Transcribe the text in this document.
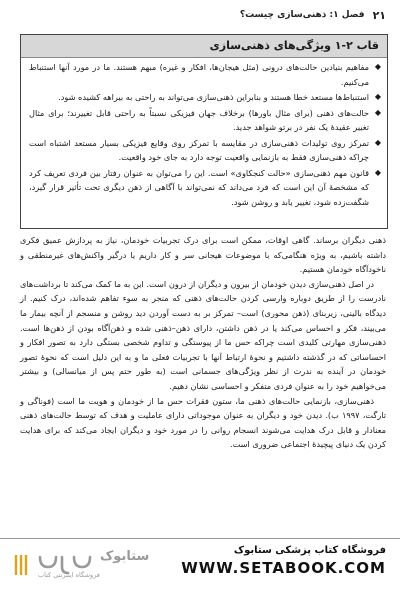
۲۱
فصل ۱: ذهنی‌سازی چیست؟
قاب ۲-۱ ویژگی‌های ذهنی‌سازی
◆
مفاهیم بنیادین حالت‌های درونی (مثل هیجان‌ها، افکار و غیره) مبهم هستند. ما در مورد آنها استنباط می‌کنیم.
◆
استنباط‌ها مستعد خطا هستند و بنابراین ذهنی‌سازی می‌تواند به راحتی به بیراهه کشیده شود.
◆
حالت‌های ذهنی (برای مثال باورها) برخلاف جهان فیزیکی نسبتاً به راحتی قابل تغییرند؛ برای مثال تغییر عقیدهٔ یک نفر در برتو شواهد جدید.
◆
تمرکز روی تولیدات ذهنی‌سازی در مقایسه با تمرکز روی وقایع فیزیکی بسیار مستعد اشتباه است چراکه ذهنی‌سازی فقط به بازنمایی واقعیت توجه دارد به جای خود واقعیت.
◆
قانون مهم ذهنی‌سازی «حالت کنجکاوی» است. این را می‌توان به عنوان رفتار بین فردی تعریف کرد که مشخصهٔ آن این است که فرد می‌داند که نمی‌تواند با آگاهی از ذهن دیگری تحت تأثیر قرار گیرد، شگفت‌زده شود، تغییر یابد و روشن شود.

ذهنی دیگران برساند. گاهی اوقات، ممکن است برای درک تجربیات خودمان، نیاز به پردازش عمیق فکری داشته باشیم، به ویژه هنگامی‌که با موضوعات هیجانی سر و کار داریم یا درگیر واکنش‌های غیرمنطقی و ناخودآگاه خودمان هستیم.

در اصل ذهنی‌سازی دیدن خودمان از بیرون و دیگران از درون است. این به ما کمک می‌کند تا برداشت‌های نادرست را از طریق دوباره وارسی کردن حالت‌های ذهنی که منجر به سوء تفاهم شده‌اند، درک کنیم. از دیدگاه بالینی، زیربنای (ذهن محوری) است– تمرکز بر به دست آوردن دید روشن و منسجم از آنچه بیمار ما می‌بیند، فکر و احساس می‌کند یا در ذهن داشتن، دارای ذهن–ذهنی شده و ذهن‌آگاه بودن از ذهن‌ها است. ذهنی‌سازی مهارتی کلیدی است چراکه حس ما از پیوستگی و تداوم شخصی بستگی دارد به تصور افکار و احساساتی که در گذشته داشتیم و نحوهٔ ارتباط آنها با تجربیات فعلی ما و به این دلیل است که نحوهٔ تصور خودمان در آینده به ندرت از نظر ویژگی‌های جسمانی است (به طور حتم پس از میانسالی) و بیشتر می‌خواهیم خود را به عنوان فردی متفکر و احساسی نشان دهیم.

ذهنی‌سازی، بازنمایی حالت‌های ذهنی ما، ستون فقرات حس ما از خودمان و هویت ما است (فوناگی و تارگت، ۱۹۹۷ ب). دیدن خود و دیگران به عنوان موجوداتی دارای عاملیت و هدف که توسط حالت‌های ذهنی معنادار و قابل درک هدایت می‌شوند انسجام روانی را در مورد خود و دیگران ایجاد می‌کند که برای هدایت کردن یک دنیای پیچیدهٔ اجتماعی ضروری است.

ستابوک
فروشگاه اینترنتی کتاب
فروشگاه کتاب پزشکی ستابوک
WWW.SETABOOK.COM
